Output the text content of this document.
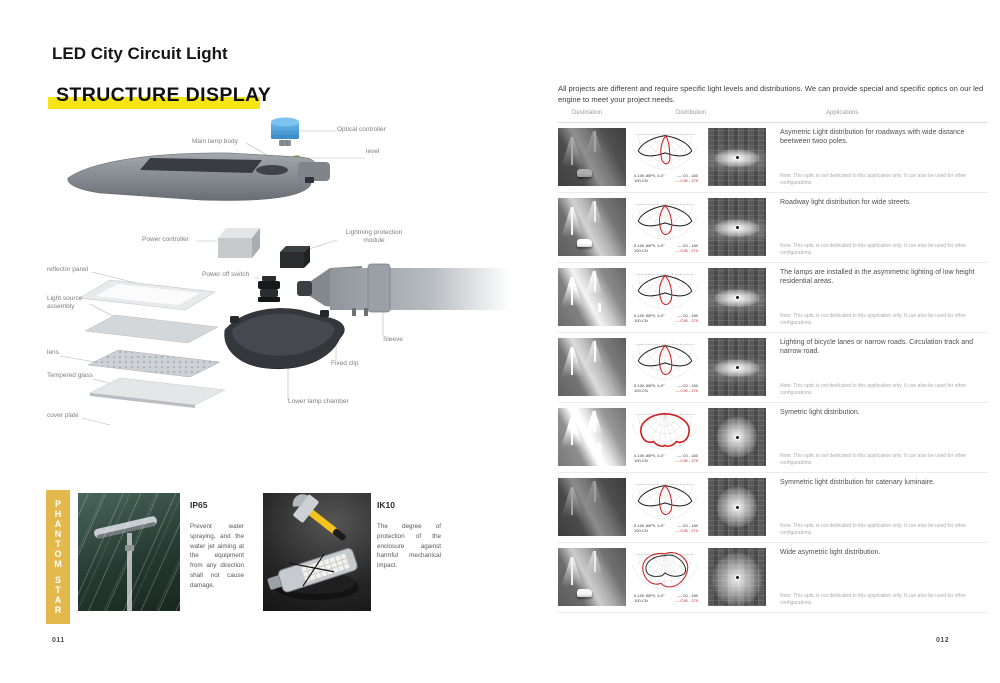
LED City Circuit Light
STRUCTURE DISPLAY
Optical controller
Main lamp body
level
Power controller
Lightning protection module
reflector panel
Power off switch
Light source assembly
Sleeve
lens
Fixed clip
Tempered glass
Lower lamp chamber
cover plate
P
H
A
N
T
O
M
S
T
A
R
IP65
Prevent water spraying, and the water jet aiming at the equipment from any direction shall not cause damage.
IK10
The degree of protection of the enclosure against harmful mechanical impact.
011
All projects are different and require specific light levels and distributions. We can provide special and specific optics on our led engine to meet your project needs.
Destination	Distribution	Applications
0-10K 80P0, 4-0°
100-CN
— C0 - 180
— C90 - 270
Asymetric Light distribution for roadways with wide distance beetween twoo poles.
Note: This optic is not dedicated to this application only. It can also be used for other configurations.
0-10K 80P0, 4-0°
100-CN
— C0 - 180
— C90 - 270
Roadway light distribution for wide streets.
Note: This optic is not dedicated to this application only. It can also be used for other configurations.
0-10K 80P0, 4-0°
100-CN
— C0 - 180
— C90 - 270
The lamps are installed in the asymmetric lighting of low height residential areas.
Note: This optic is not dedicated to this application only. It can also be used for other configurations.
0-10K 80P0, 4-0°
100-CN
— C0 - 180
— C90 - 270
Lighting of bicycle lanes or narrow roads. Circulation track and narrow road.
Note: This optic is not dedicated to this application only. It can also be used for other configurations.
0-10K 80P0, 4-0°
100-CN
— C0 - 180
— C90 - 270
Symetric light distribution.
Note: This optic is not dedicated to this application only. It can also be used for other configurations.
0-10K 80P0, 4-0°
100-CN
— C0 - 180
— C90 - 270
Symmetric light distribution for catenary luminaire.
Note: This optic is not dedicated to this application only. It can also be used for other configurations.
0-10K 80P0, 4-0°
100-CN
— C0 - 180
— C90 - 270
Wide asymetric light distribution.
Note: This optic is not dedicated to this application only. It can also be used for other configurations.
012
